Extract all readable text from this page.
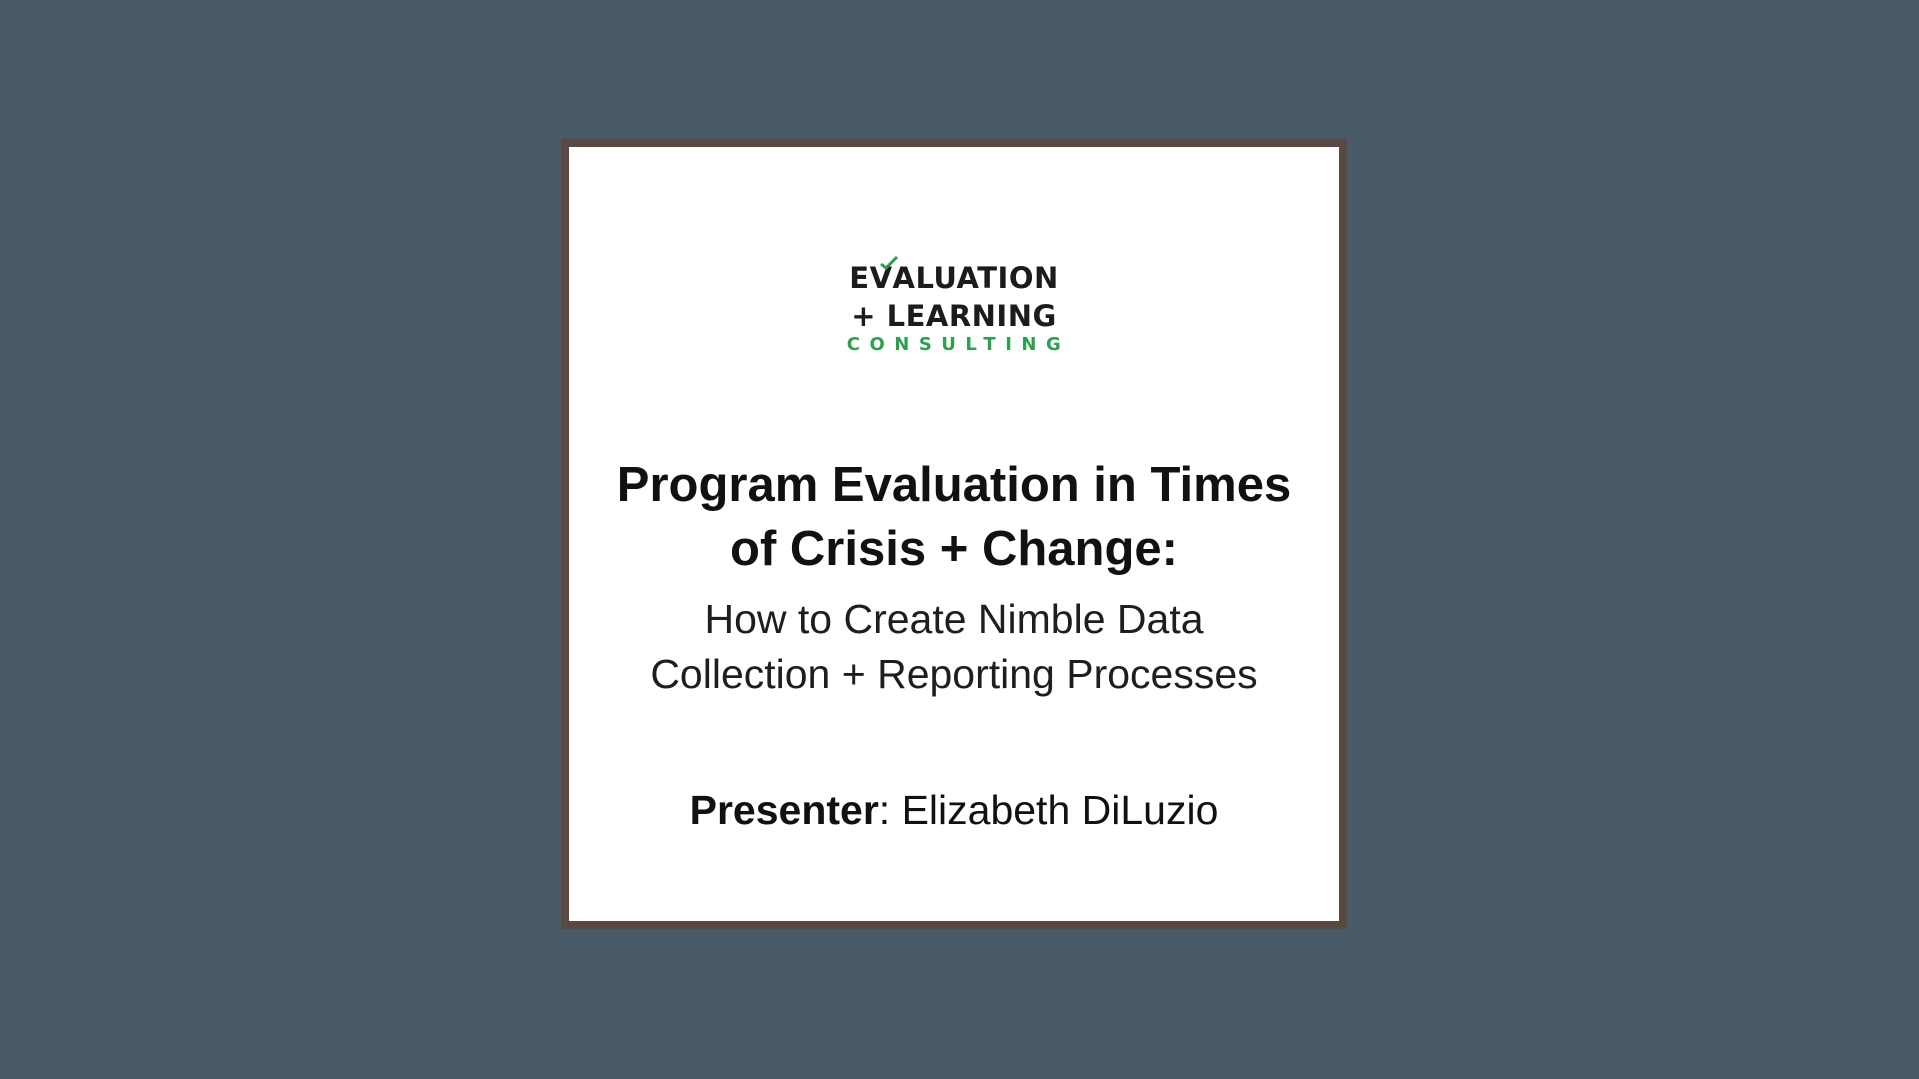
EV
ALUATION
+ LEARNING
CONSULTING
Program Evaluation in Times
of Crisis + Change:
How to Create Nimble Data
Collection + Reporting Processes
Presenter: Elizabeth DiLuzio
